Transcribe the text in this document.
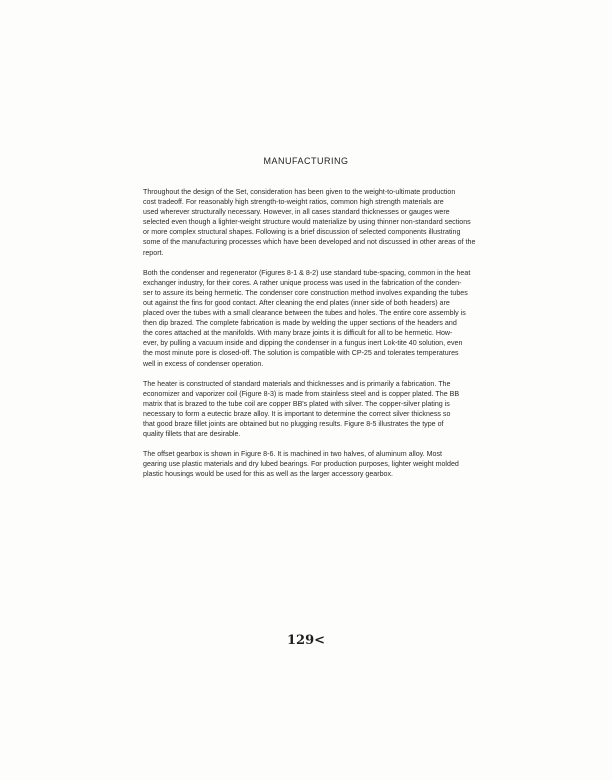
MANUFACTURING

Throughout the design of the Set, consideration has been given to the weight-to-ultimate production
cost tradeoff. For reasonably high strength-to-weight ratios, common high strength materials are
used wherever structurally necessary. However, in all cases standard thicknesses or gauges were
selected even though a lighter-weight structure would materialize by using thinner non-standard sections
or more complex structural shapes. Following is a brief discussion of selected components illustrating
some of the manufacturing processes which have been developed and not discussed in other areas of the
report.

Both the condenser and regenerator (Figures 8-1 & 8-2) use standard tube-spacing, common in the heat
exchanger industry, for their cores. A rather unique process was used in the fabrication of the conden-
ser to assure its being hermetic. The condenser core construction method involves expanding the tubes
out against the fins for good contact. After cleaning the end plates (inner side of both headers) are
placed over the tubes with a small clearance between the tubes and holes. The entire core assembly is
then dip brazed. The complete fabrication is made by welding the upper sections of the headers and
the cores attached at the manifolds. With many braze joints it is difficult for all to be hermetic. How-
ever, by pulling a vacuum inside and dipping the condenser in a fungus inert Lok-tite 40 solution, even
the most minute pore is closed-off. The solution is compatible with CP-25 and tolerates temperatures
well in excess of condenser operation.

The heater is constructed of standard materials and thicknesses and is primarily a fabrication. The
economizer and vaporizer coil (Figure 8-3) is made from stainless steel and is copper plated. The BB
matrix that is brazed to the tube coil are copper BB's plated with silver. The copper-silver plating is
necessary to form a eutectic braze alloy. It is important to determine the correct silver thickness so
that good braze fillet joints are obtained but no plugging results. Figure 8-5 illustrates the type of
quality fillets that are desirable.

The offset gearbox is shown in Figure 8-6. It is machined in two halves, of aluminum alloy. Most
gearing use plastic materials and dry lubed bearings. For production purposes, lighter weight molded
plastic housings would be used for this as well as the larger accessory gearbox.

129<
